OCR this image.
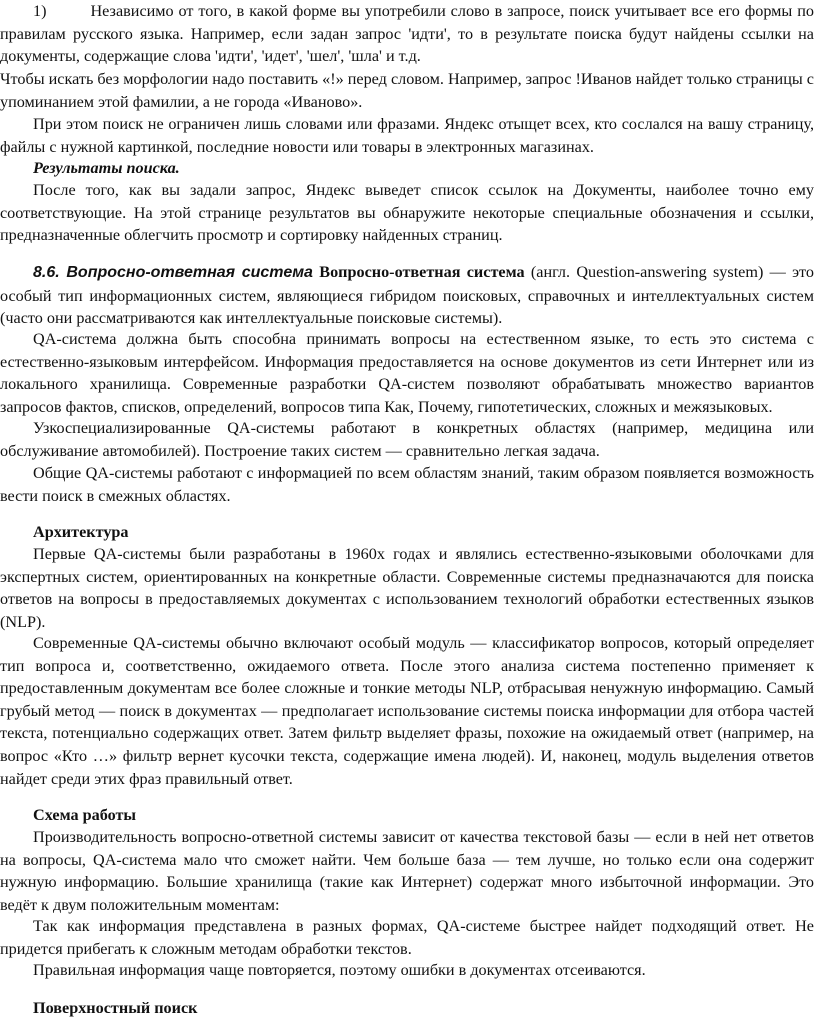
1)	Независимо от того, в какой форме вы употребили слово в запросе, поиск учитывает все его формы по правилам русского языка. Например, если задан запрос 'идти', то в результате поиска будут найдены ссылки на документы, содержащие слова 'идти', 'идет', 'шел', 'шла' и т.д.

Чтобы искать без морфологии надо поставить «!» перед словом. Например, запрос !Иванов найдет только страницы с упоминанием этой фамилии, а не города «Иваново».

При этом поиск не ограничен лишь словами или фразами. Яндекс отыщет всех, кто сослался на вашу страницу, файлы с нужной картинкой, последние новости или товары в электронных магазинах.

Результаты поиска.

После того, как вы задали запрос, Яндекс выведет список ссылок на Документы, наиболее точно ему соответствующие. На этой странице результатов вы обнаружите некоторые специальные обозначения и ссылки, предназначенные облегчить просмотр и сортировку найденных страниц.

8.6. Вопросно-ответная система Вопросно-ответная система (англ. Question-answering system) — это особый тип информационных систем, являющиеся гибридом поисковых, справочных и интеллектуальных систем (часто они рассматриваются как интеллектуальные поисковые системы).

QA-система должна быть способна принимать вопросы на естественном языке, то есть это система с естественно-языковым интерфейсом. Информация предоставляется на основе документов из сети Интернет или из локального хранилища. Современные разработки QA-систем позволяют обрабатывать множество вариантов запросов фактов, списков, определений, вопросов типа Как, Почему, гипотетических, сложных и межязыковых.

Узкоспециализированные QA-системы работают в конкретных областях (например, медицина или обслуживание автомобилей). Построение таких систем — сравнительно легкая задача.

Общие QA-системы работают с информацией по всем областям знаний, таким образом появляется возможность вести поиск в смежных областях.

Архитектура

Первые QA-системы были разработаны в 1960х годах и являлись естественно-языковыми оболочками для экспертных систем, ориентированных на конкретные области. Современные системы предназначаются для поиска ответов на вопросы в предоставляемых документах с использованием технологий обработки естественных языков (NLP).

Современные QA-системы обычно включают особый модуль — классификатор вопросов, который определяет тип вопроса и, соответственно, ожидаемого ответа. После этого анализа система постепенно применяет к предоставленным документам все более сложные и тонкие методы NLP, отбрасывая ненужную информацию. Самый грубый метод — поиск в документах — предполагает использование системы поиска информации для отбора частей текста, потенциально содержащих ответ. Затем фильтр выделяет фразы, похожие на ожидаемый ответ (например, на вопрос «Кто …» фильтр вернет кусочки текста, содержащие имена людей). И, наконец, модуль выделения ответов найдет среди этих фраз правильный ответ.

Схема работы

Производительность вопросно-ответной системы зависит от качества текстовой базы — если в ней нет ответов на вопросы, QA-система мало что сможет найти. Чем больше база — тем лучше, но только если она содержит нужную информацию. Большие хранилища (такие как Интернет) содержат много избыточной информации. Это ведёт к двум положительным моментам:

Так как информация представлена в разных формах, QA-системе быстрее найдет подходящий ответ. Не придется прибегать к сложным методам обработки текстов.

Правильная информация чаще повторяется, поэтому ошибки в документах отсеиваются.

Поверхностный поиск
